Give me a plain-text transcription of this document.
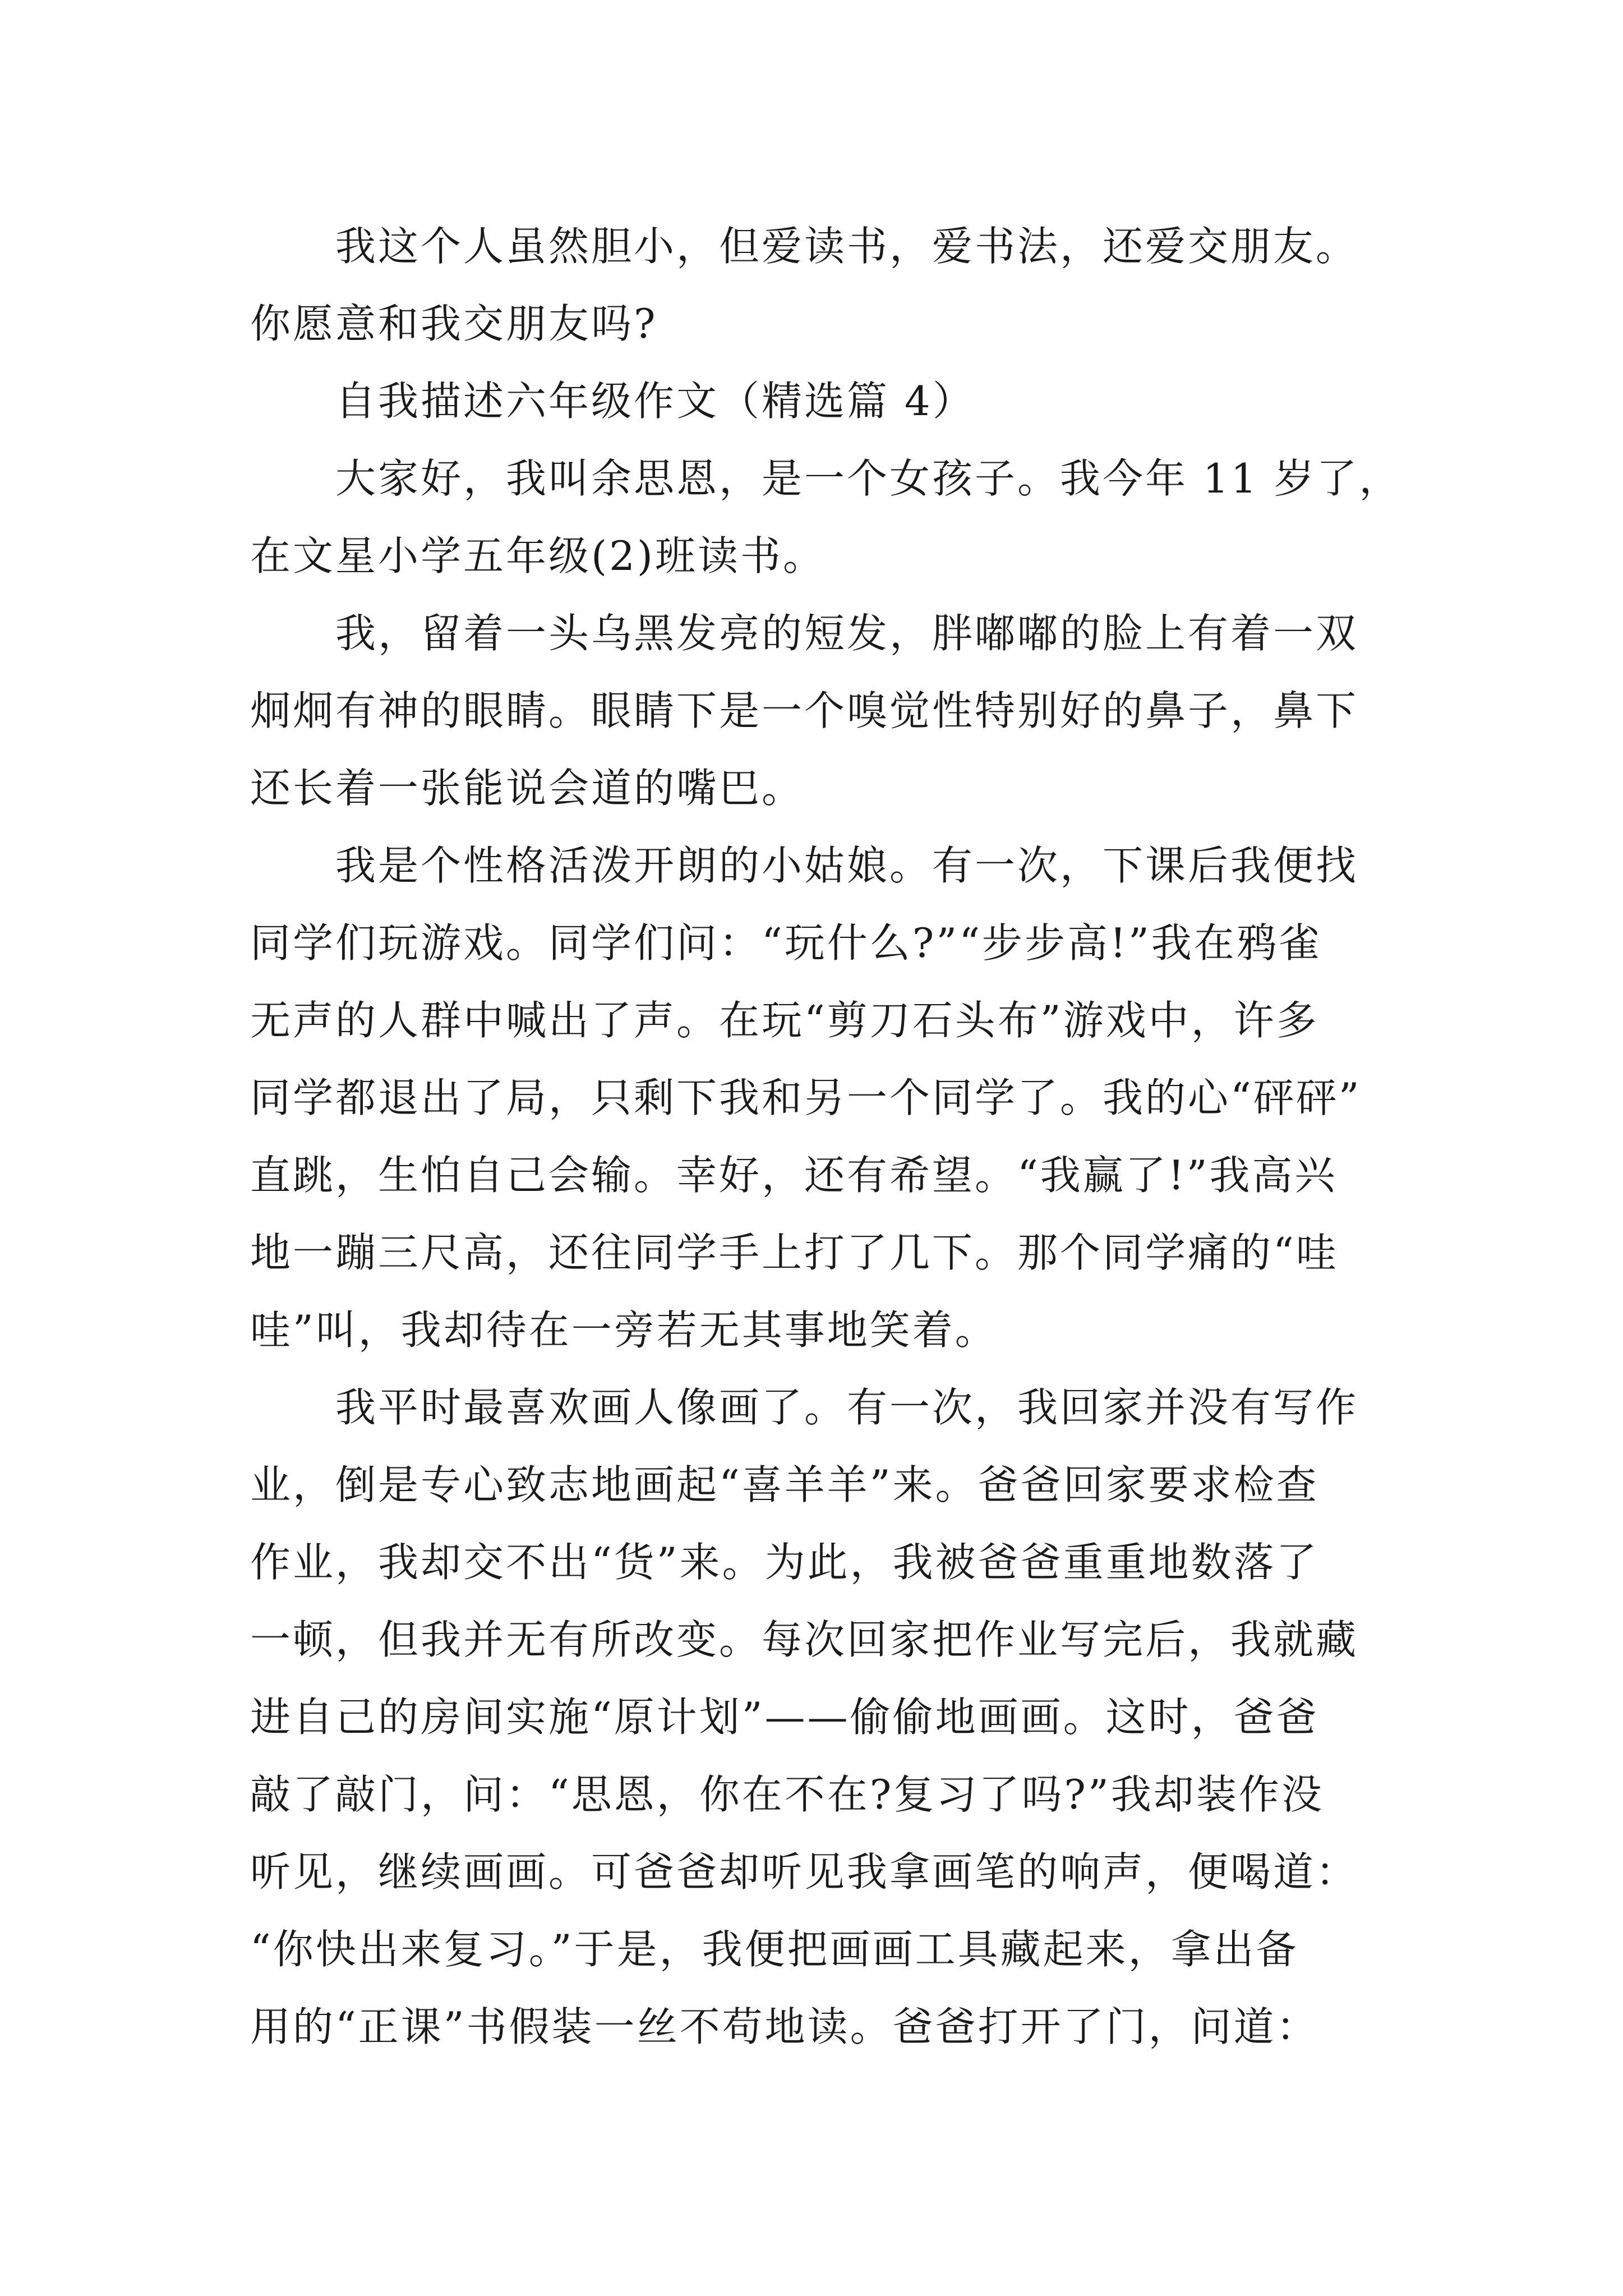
我这个人虽然胆小，但爱读书，爱书法，还爱交朋友。
你愿意和我交朋友吗?
自我描述六年级作文（精选篇 4）
大家好，我叫余思恩，是一个女孩子。我今年 11 岁了，
在文星小学五年级(2)班读书。
我，留着一头乌黑发亮的短发，胖嘟嘟的脸上有着一双
炯炯有神的眼睛。眼睛下是一个嗅觉性特别好的鼻子，鼻下
还长着一张能说会道的嘴巴。
我是个性格活泼开朗的小姑娘。有一次，下课后我便找
同学们玩游戏。同学们问：“玩什么?”“步步高!”我在鸦雀
无声的人群中喊出了声。在玩“剪刀石头布”游戏中，许多
同学都退出了局，只剩下我和另一个同学了。我的心“砰砰”
直跳，生怕自己会输。幸好，还有希望。“我赢了!”我高兴
地一蹦三尺高，还往同学手上打了几下。那个同学痛的“哇
哇”叫，我却待在一旁若无其事地笑着。
我平时最喜欢画人像画了。有一次，我回家并没有写作
业，倒是专心致志地画起“喜羊羊”来。爸爸回家要求检查
作业，我却交不出“货”来。为此，我被爸爸重重地数落了
一顿，但我并无有所改变。每次回家把作业写完后，我就藏
进自己的房间实施“原计划”——偷偷地画画。这时，爸爸
敲了敲门，问：“思恩，你在不在?复习了吗?”我却装作没
听见，继续画画。可爸爸却听见我拿画笔的响声，便喝道：
“你快出来复习。”于是，我便把画画工具藏起来，拿出备
用的“正课”书假装一丝不苟地读。爸爸打开了门，问道：
